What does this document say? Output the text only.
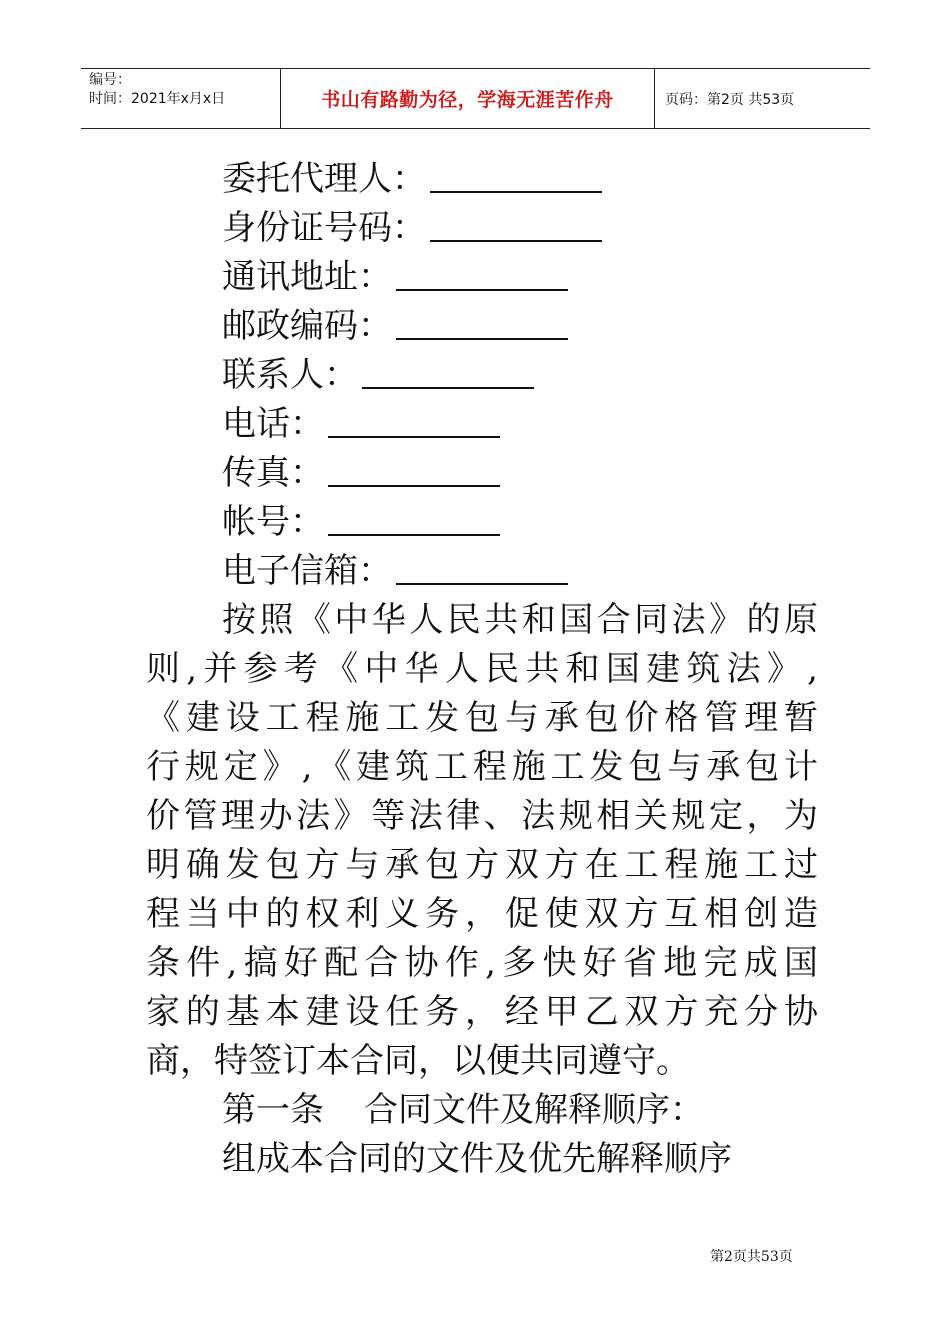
编号：
时间：2021年x月x日	书山有路勤为径，学海无涯苦作舟	页码：第2页 共53页
委托代理人：
身份证号码：
通讯地址：
邮政编码：
联系人：
电话：
传真：
帐号：
电子信箱：
按照《中华人民共和国合同法》的原
则,并参考《中华人民共和国建筑法》,
《建设工程施工发包与承包价格管理暂
行规定》,《建筑工程施工发包与承包计
价管理办法》等法律、法规相关规定，为
明确发包方与承包方双方在工程施工过
程当中的权利义务，促使双方互相创造
条件,搞好配合协作,多快好省地完成国
家的基本建设任务，经甲乙双方充分协
商，特签订本合同，以便共同遵守。
第一条 合同文件及解释顺序：
组成本合同的文件及优先解释顺序
第2页共53页
